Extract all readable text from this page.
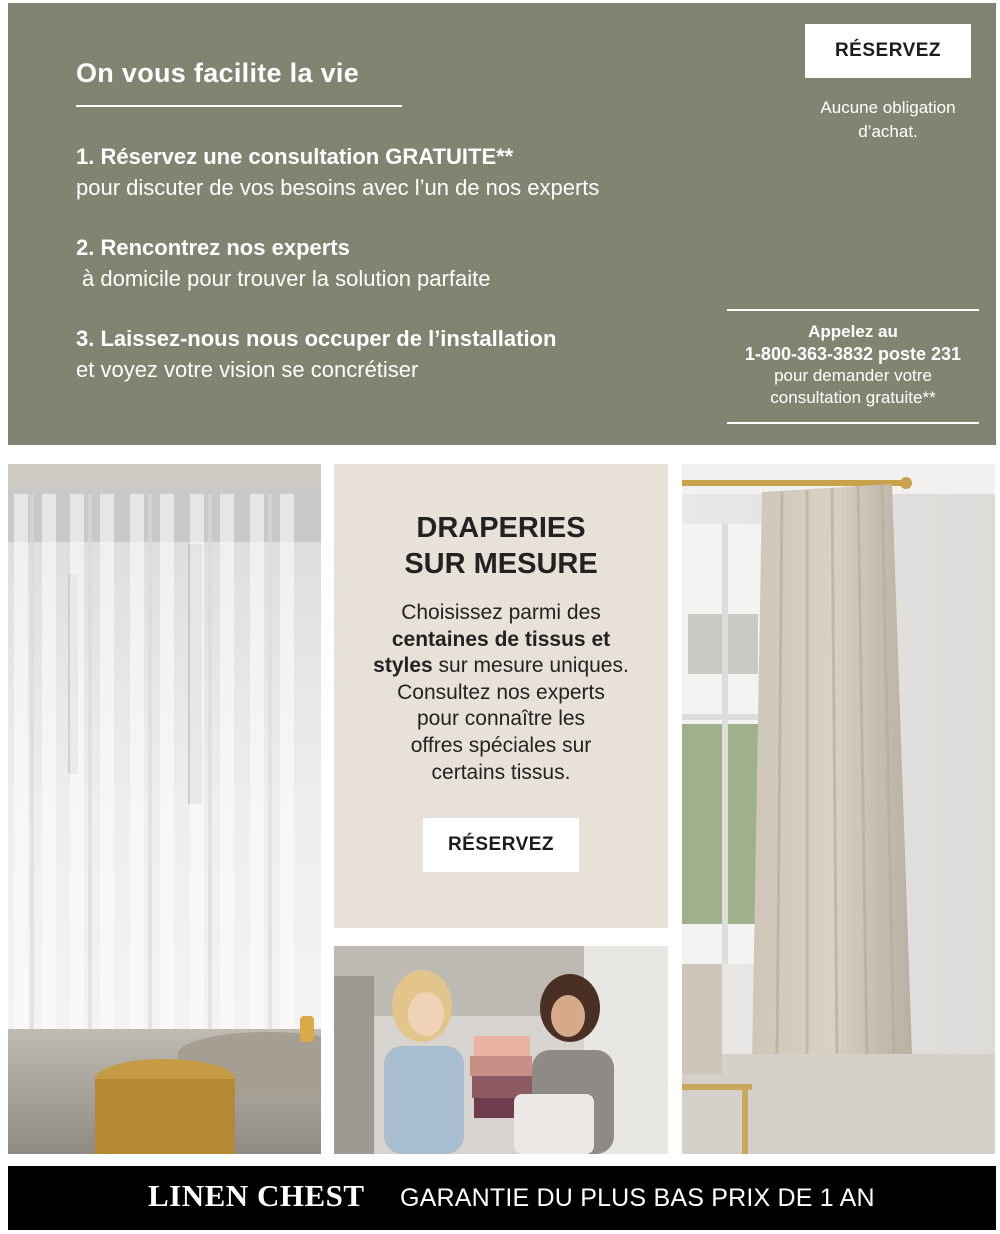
On vous facilite la vie
1. Réservez une consultation GRATUITE**
pour discuter de vos besoins avec l’un de nos experts
2. Rencontrez nos experts
à domicile pour trouver la solution parfaite
3. Laissez-nous nous occuper de l’installation
et voyez votre vision se concrétiser
RÉSERVEZ
Aucune obligation
d’achat.
Appelez au
1-800-363-3832 poste 231
pour demander votre
consultation gratuite**
DRAPERIES
SUR MESURE

Choisissez parmi des
centaines de tissus et
styles sur mesure uniques.
Consultez nos experts
pour connaître les
offres spéciales sur
certains tissus.

RÉSERVEZ
LINEN CHEST GARANTIE DU PLUS BAS PRIX DE 1 AN
